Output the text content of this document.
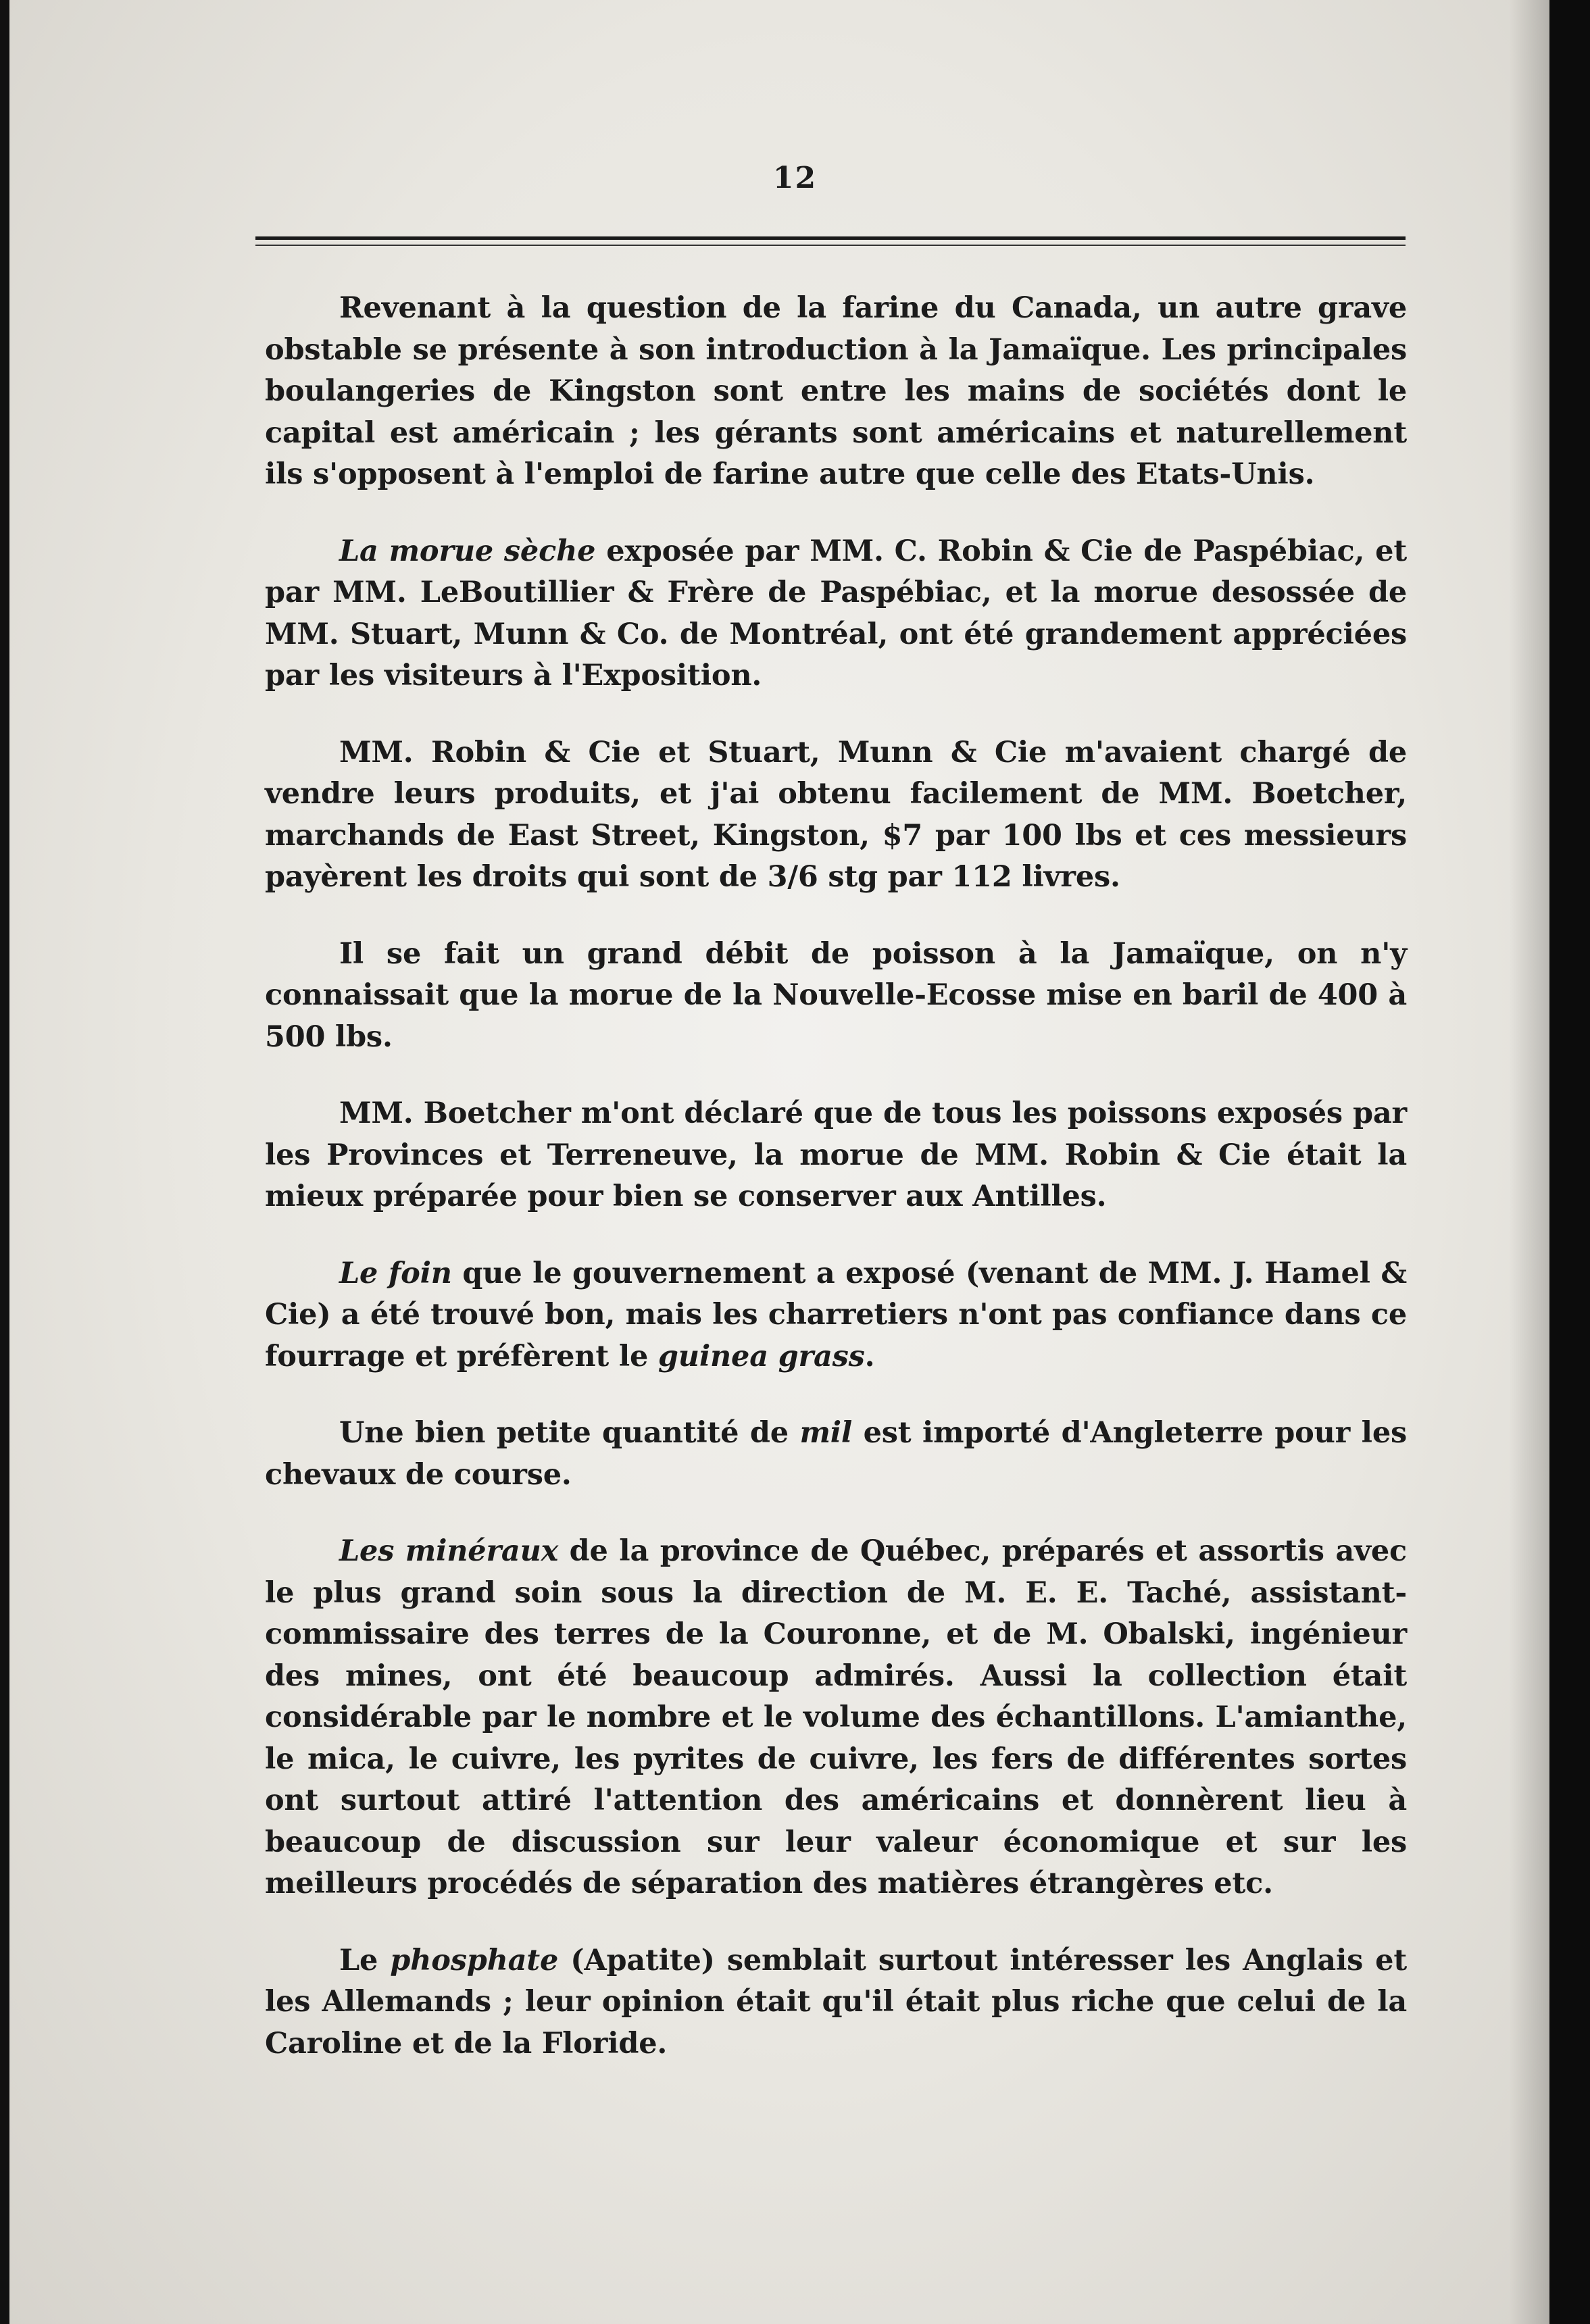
12

Revenant à la question de la farine du Canada, un autre grave obstable se présente à son introduction à la Jamaïque. Les principales boulangeries de Kingston sont entre les mains de sociétés dont le capital est américain ; les gérants sont américains et naturellement ils s'opposent à l'emploi de farine autre que celle des Etats-Unis.

La morue sèche exposée par MM. C. Robin & Cie de Paspébiac, et par MM. LeBoutillier & Frère de Paspébiac, et la morue desossée de MM. Stuart, Munn & Co. de Montréal, ont été grandement appréciées par les visiteurs à l'Exposition.

MM. Robin & Cie et Stuart, Munn & Cie m'avaient chargé de vendre leurs produits, et j'ai obtenu facilement de MM. Boetcher, marchands de East Street, Kingston, $7 par 100 lbs et ces messieurs payèrent les droits qui sont de 3/6 stg par 112 livres.

Il se fait un grand débit de poisson à la Jamaïque, on n'y connaissait que la morue de la Nouvelle-Ecosse mise en baril de 400 à 500 lbs.

MM. Boetcher m'ont déclaré que de tous les poissons exposés par les Provinces et Terreneuve, la morue de MM. Robin & Cie était la mieux préparée pour bien se conserver aux Antilles.

Le foin que le gouvernement a exposé (venant de MM. J. Hamel & Cie) a été trouvé bon, mais les charretiers n'ont pas confiance dans ce fourrage et préfèrent le guinea grass.

Une bien petite quantité de mil est importé d'Angleterre pour les chevaux de course.

Les minéraux de la province de Québec, préparés et assortis avec le plus grand soin sous la direction de M. E. E. Taché, assistant-commissaire des terres de la Couronne, et de M. Obalski, ingénieur des mines, ont été beaucoup admirés. Aussi la collection était considérable par le nombre et le volume des échantillons. L'amianthe, le mica, le cuivre, les pyrites de cuivre, les fers de différentes sortes ont surtout attiré l'attention des américains et donnèrent lieu à beaucoup de discussion sur leur valeur économique et sur les meilleurs procédés de séparation des matières étrangères etc.

Le phosphate (Apatite) semblait surtout intéresser les Anglais et les Allemands ; leur opinion était qu'il était plus riche que celui de la Caroline et de la Floride.
